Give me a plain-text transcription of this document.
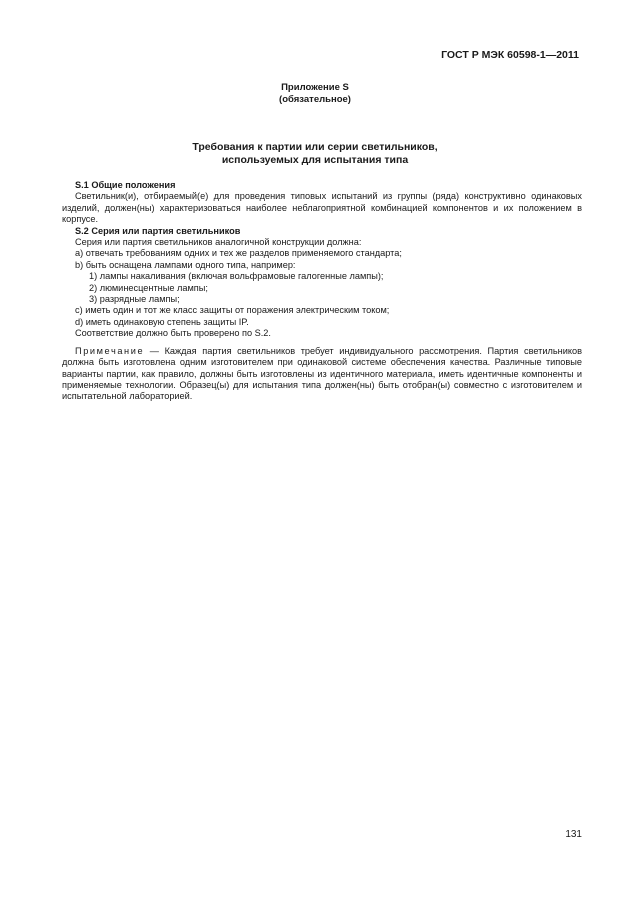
ГОСТ Р МЭК 60598-1—2011
Приложение S
(обязательное)
Требования к партии или серии светильников,
используемых для испытания типа

S.1 Общие положения

Светильник(и), отбираемый(е) для проведения типовых испытаний из группы (ряда) конструктивно одинаковых изделий, должен(ны) характеризоваться наиболее неблагоприятной комбинацией компонентов и их положением в корпусе.

S.2 Серия или партия светильников

Серия или партия светильников аналогичной конструкции должна:

а) отвечать требованиям одних и тех же разделов применяемого стандарта;

b) быть оснащена лампами одного типа, например:

1) лампы накаливания (включая вольфрамовые галогенные лампы);

2) люминесцентные лампы;

3) разрядные лампы;

с) иметь один и тот же класс защиты от поражения электрическим током;

d) иметь одинаковую степень защиты IP.

Соответствие должно быть проверено по S.2.

Примечание — Каждая партия светильников требует индивидуального рассмотрения. Партия светильников должна быть изготовлена одним изготовителем при одинаковой системе обеспечения качества. Различные типовые варианты партии, как правило, должны быть изготовлены из идентичного материала, иметь идентичные компоненты и применяемые технологии. Образец(ы) для испытания типа должен(ны) быть отобран(ы) совместно с изготовителем и испытательной лабораторией.

131
